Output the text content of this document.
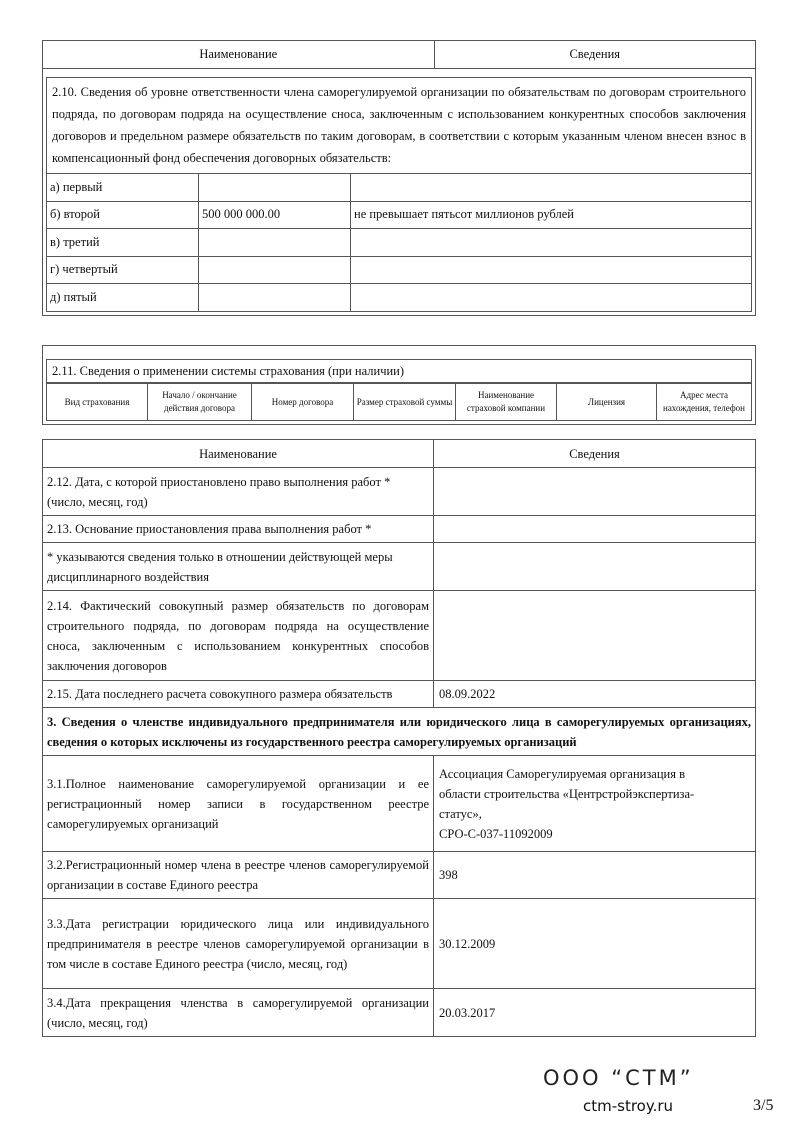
Наименование	Сведения
2.10. Сведения об уровне ответственности члена саморегулируемой организации по обязательствам по договорам строительного подряда, по договорам подряда на осуществление сноса, заключенным с использованием конкурентных способов заключения договоров и предельном размере обязательств по таким договорам, в соответствии с которым указанным членом внесен взнос в компенсационный фонд обеспечения договорных обязательств:
а) первый		
б) второй	500 000 000.00	не превышает пятьсот миллионов рублей
в) третий		
г) четвертый		
д) пятый		
2.11. Сведения о применении системы страхования (при наличии)
Вид страхования	Начало / окончание действия договора	Номер договора	Размер страховой суммы	Наименование страховой компании	Лицензия	Адрес места нахождения, телефон
Наименование	Сведения
2.12. Дата, с которой приостановлено право выполнения работ * (число, месяц, год)	
2.13. Основание приостановления права выполнения работ *	
* указываются сведения только в отношении действующей меры дисциплинарного воздействия	
2.14. Фактический совокупный размер обязательств по договорам строительного подряда, по договорам подряда на осуществление сноса, заключенным с использованием конкурентных способов заключения договоров	
2.15. Дата последнего расчета совокупного размера обязательств	08.09.2022
3. Сведения о членстве индивидуального предпринимателя или юридического лица в саморегулируемых организациях, сведения о которых исключены из государственного реестра саморегулируемых организаций	
3.1.Полное наименование саморегулируемой организации и ее регистрационный номер записи в государственном реестре саморегулируемых организаций	Ассоциация Саморегулируемая организация в
области строительства «Центрстройэкспертиза-
статус»,
СРО-С-037-11092009

3.2.Регистрационный номер члена в реестре членов саморегулируемой организации в составе Единого реестра	398
3.3.Дата регистрации юридического лица или индивидуального предпринимателя в реестре членов саморегулируемой организации в том числе в составе Единого реестра (число, месяц, год)	30.12.2009
3.4.Дата прекращения членства в саморегулируемой организации (число, месяц, год)	20.03.2017
ООО “СТМ”
ctm-stroy.ru	3/5
